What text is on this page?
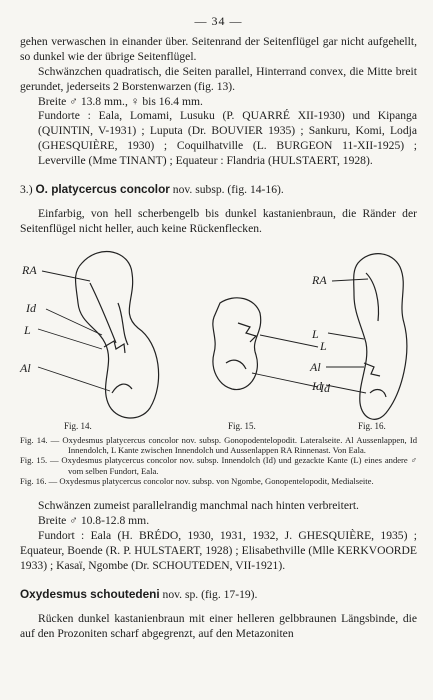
— 34 —

gehen verwaschen in einander über. Seitenrand der Seitenflügel gar nicht aufgehellt, so dunkel wie der übrige Seitenflügel.

Schwänzchen quadratisch, die Seiten parallel, Hinterrand convex, die Mitte breit gerundet, jederseits 2 Borstenwarzen (fig. 13).

Breite ♂ 13.8 mm., ♀ bis 16.4 mm.

Fundorte : Eala, Lomami, Lusuku (P. QUARRÉ XII-1930) und Kipanga (QUINTIN, V-1931) ; Luputa (Dr. BOUVIER 1935) ; Sankuru, Komi, Lodja (GHESQUIÈRE, 1930) ; Coquilhatville (L. BURGEON 11-XII-1925) ; Leverville (Mme TINANT) ; Equateur : Flandria (HULSTAERT, 1928).

3.) O. platycercus concolor nov. subsp. (fig. 14-16).

Einfarbig, von hell scherbengelb bis dunkel kastanienbraun, die Ränder der Seitenflügel nicht heller, auch keine Rückenflecken.

RA
Id
L
Al
L
Id
RA
L
Al
Id
Fig. 14.	Fig. 15.	Fig. 16.

Fig. 14. — Oxydesmus platycercus concolor nov. subsp. Gonopodentelopodit. Lateralseite. Al Aussenlappen, Id Innendolch, L Kante zwischen Innendolch und Aussenlappen RA Rinnenast. Von Eala.

Fig. 15. — Oxydesmus platycercus concolor nov. subsp. Innendolch (Id) und gezackte Kante (L) eines andere ♂ vom selben Fundort, Eala.

Fig. 16. — Oxydesmus platycercus concolor nov. subsp. von Ngombe, Gonopentelopodit, Medialseite.

Schwänzen zumeist parallelrandig manchmal nach hinten verbreitert.

Breite ♂ 10.8-12.8 mm.

Fundort : Eala (H. BRÉDO, 1930, 1931, 1932, J. GHESQUIÈRE, 1935) ; Equateur, Boende (R. P. HULSTAERT, 1928) ; Elisabethville (Mlle KERKVOORDE 1933) ; Kasaï, Ngombe (Dr. SCHOUTEDEN, VII-1921).

Oxydesmus schoutedeni nov. sp. (fig. 17-19).

Rücken dunkel kastanienbraun mit einer helleren gelbbraunen Längsbinde, die auf den Prozoniten scharf abgegrenzt, auf den Metazoniten
